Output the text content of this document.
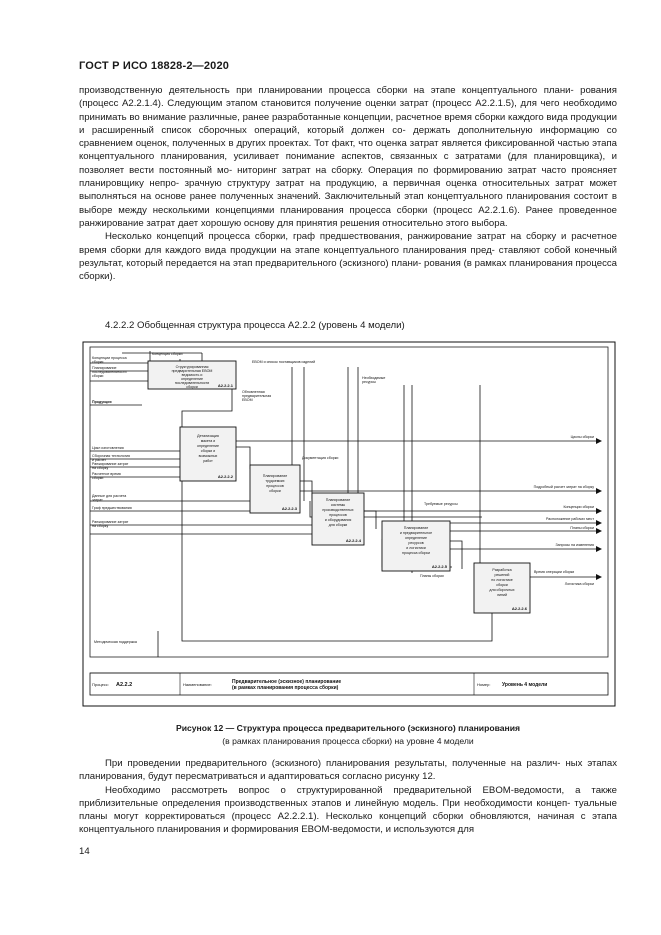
ГОСТ Р ИСО 18828-2—2020

производственную деятельность при планировании процесса сборки на этапе концептуального плани- рования (процесс A2.2.1.4). Следующим этапом становится получение оценки затрат (процесс A2.2.1.5), для чего необходимо принимать во внимание различные, ранее разработанные концепции, расчетное время сборки каждого вида продукции и расширенный список сборочных операций, который должен со- держать дополнительную информацию со сравнением оценок, полученных в других проектах. Тот факт, что оценка затрат является фиксированной частью этапа концептуального планирования, усиливает понимание аспектов, связанных с затратами (для планировщика), и позволяет вести постоянный мо- ниторинг затрат на сборку. Операция по формированию затрат часто проясняет планировщику непро- зрачную структуру затрат на продукцию, а первичная оценка относительных затрат может выполняться на основе ранее полученных значений. Заключительный этап концептуального планирования состоит в выборе между несколькими концепциями планирования процесса сборки (процесс A2.2.1.6). Ранее проведенное ранжирование затрат дает хорошую основу для принятия решения относительно этого выбора.

Несколько концепций процесса сборки, граф предшествования, ранжирование затрат на сборку и расчетное время сборки для каждого вида продукции на этапе концептуального планирования пред- ставляют собой конечный результат, который передается на этап предварительного (эскизного) плани- рования (в рамках планирования процесса сборки).

4.2.2.2 Обобщенная структура процесса A2.2.2 (уровень 4 модели)
Структурированная предварительная EBOM ведомость и определение последовательности сборки
Детализация макета и определение сборки и возможных работ
Планирование трудоемких процессов сборки
Планирование системы производственных процессов и оборудования для сборки
Планирование и предварительное определение ресурсов и логистики процесса сборки
Разработка решений по логистике сборки для сборочных линий
A2.2.2.1
A2.2.2.2
A2.2.2.3
A2.2.2.4
A2.2.2.5
A2.2.2.6
Концепция сборки
EBOM и список поставщиков изделий
Необходимые ресурсы
Обновленная предварительная EBOM
Концепции процесса сборки
Планирование последовательности сборки
Продукция
Цикл изготовления
Сборочная технология и расчет
Ранжирование затрат на сборку
Расчетное время сборки
Данные для расчета затрат
Граф предшествования
Ранжирование затрат на сборку
Документация сборки
Требуемые ресурсы
Планы сборки
Время операции сборки
Циклы сборки
Подробный расчет затрат на сборку
Концепции сборки
Расположение рабочих мест
Планы сборки
Запросы на изменения
Логистика сборки
Методическая поддержка
Процесс: A2.2.2	Наименование:	Предварительное (эскизное) планирование (в рамках планирования процесса сборки)
Номер: Уровень 4 модели
Рисунок 12 — Структура процесса предварительного (эскизного) планирования
(в рамках планирования процесса сборки) на уровне 4 модели

При проведении предварительного (эскизного) планирования результаты, полученные на различ- ных этапах планирования, будут пересматриваться и адаптироваться согласно рисунку 12.

Необходимо рассмотреть вопрос о структурированной предварительной EBOM-ведомости, а также приблизительные определения производственных этапов и линейную модель. При необходимости концеп- туальные планы могут корректироваться (процесс A2.2.2.1). Несколько концепций сборки обновляются, начиная с этапа концептуального планирования и формирования EBOM-ведомости, и используются для

14
